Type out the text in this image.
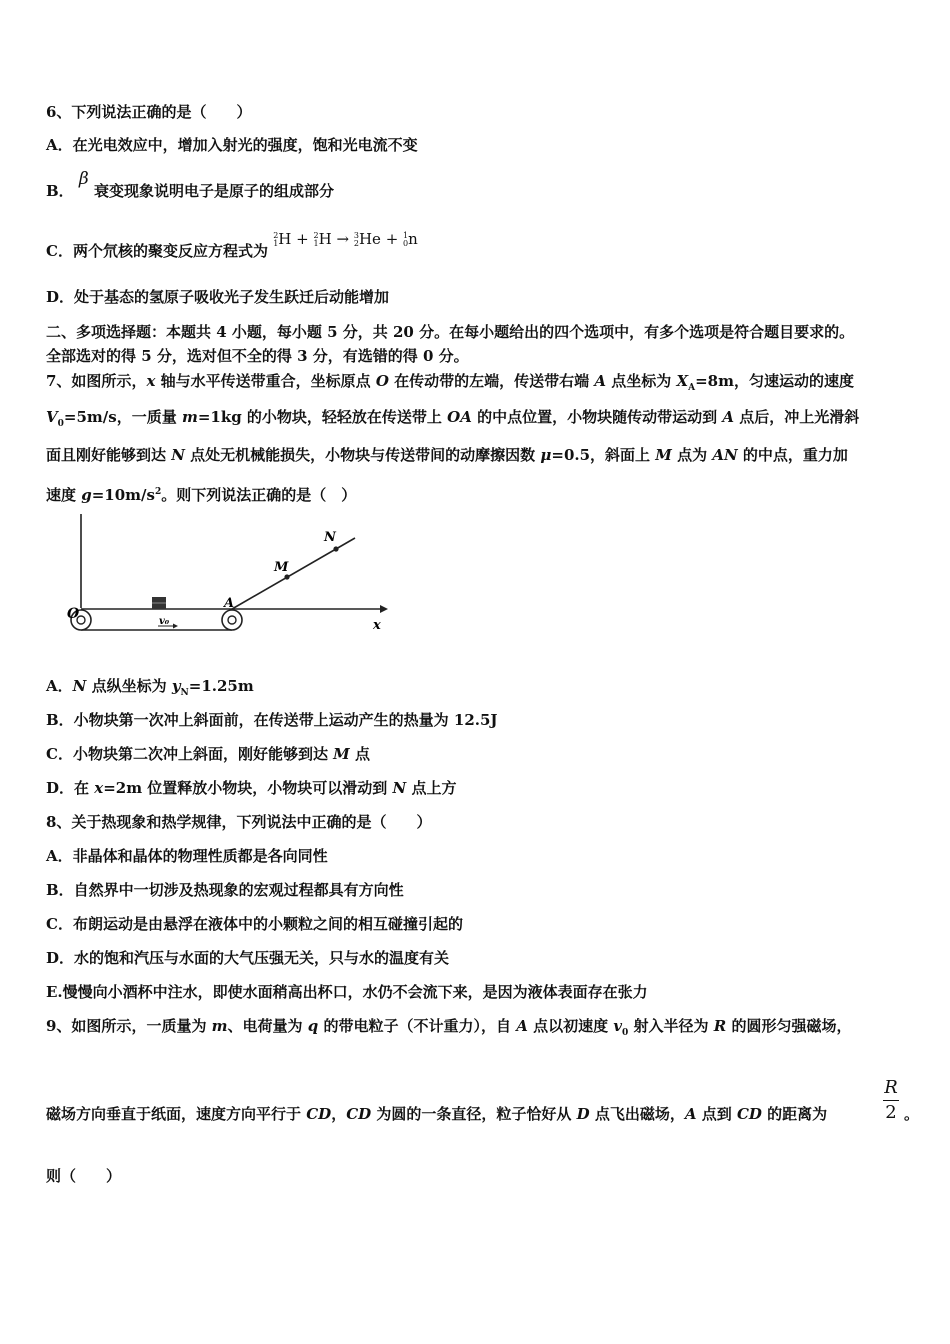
6、下列说法正确的是（　　）
A．在光电效应中，增加入射光的强度，饱和光电流不变
B． β 衰变现象说明电子是原子的组成部分
C．两个氘核的聚变反应方程式为 2
1H + 2
1H → 3
2He + 1
0n
D．处于基态的氢原子吸收光子发生跃迁后动能增加
二、多项选择题：本题共 4 小题，每小题 5 分，共 20 分。在每小题给出的四个选项中，有多个选项是符合题目要求的。
全部选对的得 5 分，选对但不全的得 3 分，有选错的得 0 分。
7、如图所示，x 轴与水平传送带重合，坐标原点 O 在传动带的左端，传送带右端 A 点坐标为 $X_A=8m$，匀速运动的速度
$V_0=5m/s$，一质量 m=1kg 的小物块，轻轻放在传送带上 OA 的中点位置，小物块随传动带运动到 A 点后，冲上光滑斜
面且刚好能够到达 N 点处无机械能损失，小物块与传送带间的动摩擦因数 μ=0.5，斜面上 M 点为 AN 的中点，重力加
速度 $g=10m/s^2$。则下列说法正确的是（　）
O
A
M
N
x
v₀
A．N 点纵坐标为 $y_N=1.25m$
B．小物块第一次冲上斜面前，在传送带上运动产生的热量为 12.5J
C．小物块第二次冲上斜面，刚好能够到达 M 点
D．在 x=2m 位置释放小物块，小物块可以滑动到 N 点上方
8、关于热现象和热学规律，下列说法中正确的是（　　）
A．非晶体和晶体的物理性质都是各向同性
B．自然界中一切涉及热现象的宏观过程都具有方向性
C．布朗运动是由悬浮在液体中的小颗粒之间的相互碰撞引起的
D．水的饱和汽压与水面的大气压强无关，只与水的温度有关
E.慢慢向小酒杯中注水，即使水面稍高出杯口，水仍不会流下来，是因为液体表面存在张力
9、如图所示，一质量为 m、电荷量为 q 的带电粒子（不计重力），自 A 点以初速度 $v_0$ 射入半径为 R 的圆形匀强磁场，
磁场方向垂直于纸面，速度方向平行于 CD，CD 为圆的一条直径，粒子恰好从 D 点飞出磁场，A 点到 CD 的距离为
R
2 。
则（　　）
